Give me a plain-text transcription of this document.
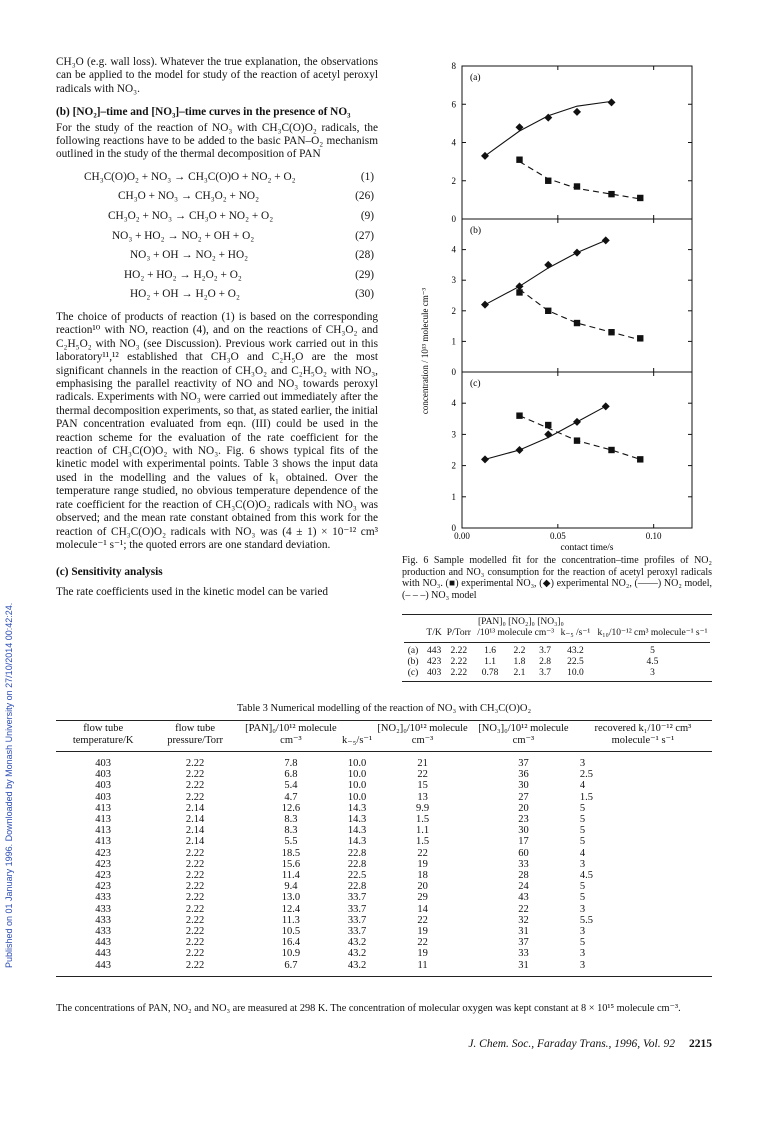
Published on 01 January 1996. Downloaded by Monash University on 27/10/2014 00:42:24.

CH₃O (e.g. wall loss). Whatever the true explanation, the observations can be applied to the model for study of the reaction of acetyl peroxyl radicals with NO₃.

(b) [NO₂]–time and [NO₃]–time curves in the presence of NO₃

For the study of the reaction of NO₃ with CH₃C(O)O₂ radicals, the following reactions have to be added to the basic PAN–O₂ mechanism outlined in the study of the thermal decomposition of PAN

CH₃C(O)O₂ + NO₃ → CH₃C(O)O + NO₂ + O₂	(1)
CH₃O + NO₃ → CH₃O₂ + NO₂	(26)
CH₃O₂ + NO₃ → CH₃O + NO₂ + O₂	(9)
NO₃ + HO₂ → NO₂ + OH + O₂	(27)
NO₃ + OH → NO₂ + HO₂	(28)
HO₂ + HO₂ → H₂O₂ + O₂	(29)
HO₂ + OH → H₂O + O₂	(30)

The choice of products of reaction (1) is based on the corresponding reaction¹⁰ with NO, reaction (4), and on the reactions of CH₃O₂ and C₂H₅O₂ with NO₃ (see Discussion). Previous work carried out in this laboratory¹¹,¹² established that CH₃O and C₂H₅O are the most significant channels in the reaction of CH₃O₂ and C₂H₅O₂ with NO₃, emphasising the parallel reactivity of NO and NO₃ towards peroxyl radicals. Experiments with NO₃ were carried out immediately after the thermal decomposition experiments, so that, as stated earlier, the initial PAN concentration evaluated from eqn. (III) could be used in the reaction scheme for the evaluation of the rate coefficient for the reaction of CH₃C(O)O₂ with NO₃. Fig. 6 shows typical fits of the kinetic model with experimental points. Table 3 shows the input data used in the modelling and the values of k₁ obtained. Over the temperature range studied, no obvious temperature dependence of the rate coefficient for the reaction of CH₃C(O)O₂ radicals with NO₃ was observed; and the mean rate constant obtained from this work for the reaction of CH₃C(O)O₂ radicals with NO₃ was (4 ± 1) × 10⁻¹² cm³ molecule⁻¹ s⁻¹; the quoted errors are one standard deviation.

(c) Sensitivity analysis

The rate coefficients used in the kinetic model can be varied

concentration / 10¹³ molecule cm⁻³
contact time/s
0
2
4
6
8
(a)
0
1
2
3
4
(b)
0
1
2
3
4
(c)
0.00	0.05	0.10
Fig. 6 Sample modelled fit for the concentration–time profiles of NO₂ production and NO₃ consumption for the reaction of acetyl peroxyl radicals with NO₃. (■) experimental NO₃, (◆) experimental NO₂, (——) NO₂ model, (– – –) NO₃ model
[PAN]₀ [NO₂]₀ [NO₃]₀
	T/K	P/Torr	/10¹³ molecule cm⁻³			k₋₅ /s⁻¹	k₁₀/10⁻¹² cm³ molecule⁻¹ s⁻¹

(a)	443	2.22	1.6	2.2	3.7	43.2	5
(b)	423	2.22	1.1	1.8	2.8	22.5	4.5
(c)	403	2.22	0.78	2.1	3.7	10.0	3
Table 3 Numerical modelling of the reaction of NO₃ with CH₃C(O)O₂

flow tube temperature/K	flow tube pressure/Torr	[PAN]₀/10¹² molecule cm⁻³	k₋₅/s⁻¹	[NO₂]₀/10¹² molecule cm⁻³	[NO₃]₀/10¹² molecule cm⁻³	recovered k₁/10⁻¹² cm³ molecule⁻¹ s⁻¹

403	2.22	7.8	10.0	21	37	3
403	2.22	6.8	10.0	22	36	2.5
403	2.22	5.4	10.0	15	30	4
403	2.22	4.7	10.0	13	27	1.5
413	2.14	12.6	14.3	9.9	20	5
413	2.14	8.3	14.3	1.5	23	5
413	2.14	8.3	14.3	1.1	30	5
413	2.14	5.5	14.3	1.5	17	5
423	2.22	18.5	22.8	22	60	4
423	2.22	15.6	22.8	19	33	3
423	2.22	11.4	22.5	18	28	4.5
423	2.22	9.4	22.8	20	24	5
433	2.22	13.0	33.7	29	43	5
433	2.22	12.4	33.7	14	22	3
433	2.22	11.3	33.7	22	32	5.5
433	2.22	10.5	33.7	19	31	3
443	2.22	16.4	43.2	22	37	5
443	2.22	10.9	43.2	19	33	3
443	2.22	6.7	43.2	11	31	3

The concentrations of PAN, NO₂ and NO₃ are measured at 298 K. The concentration of molecular oxygen was kept constant at 8 × 10¹⁵ molecule cm⁻³.
J. Chem. Soc., Faraday Trans., 1996, Vol. 92 2215
